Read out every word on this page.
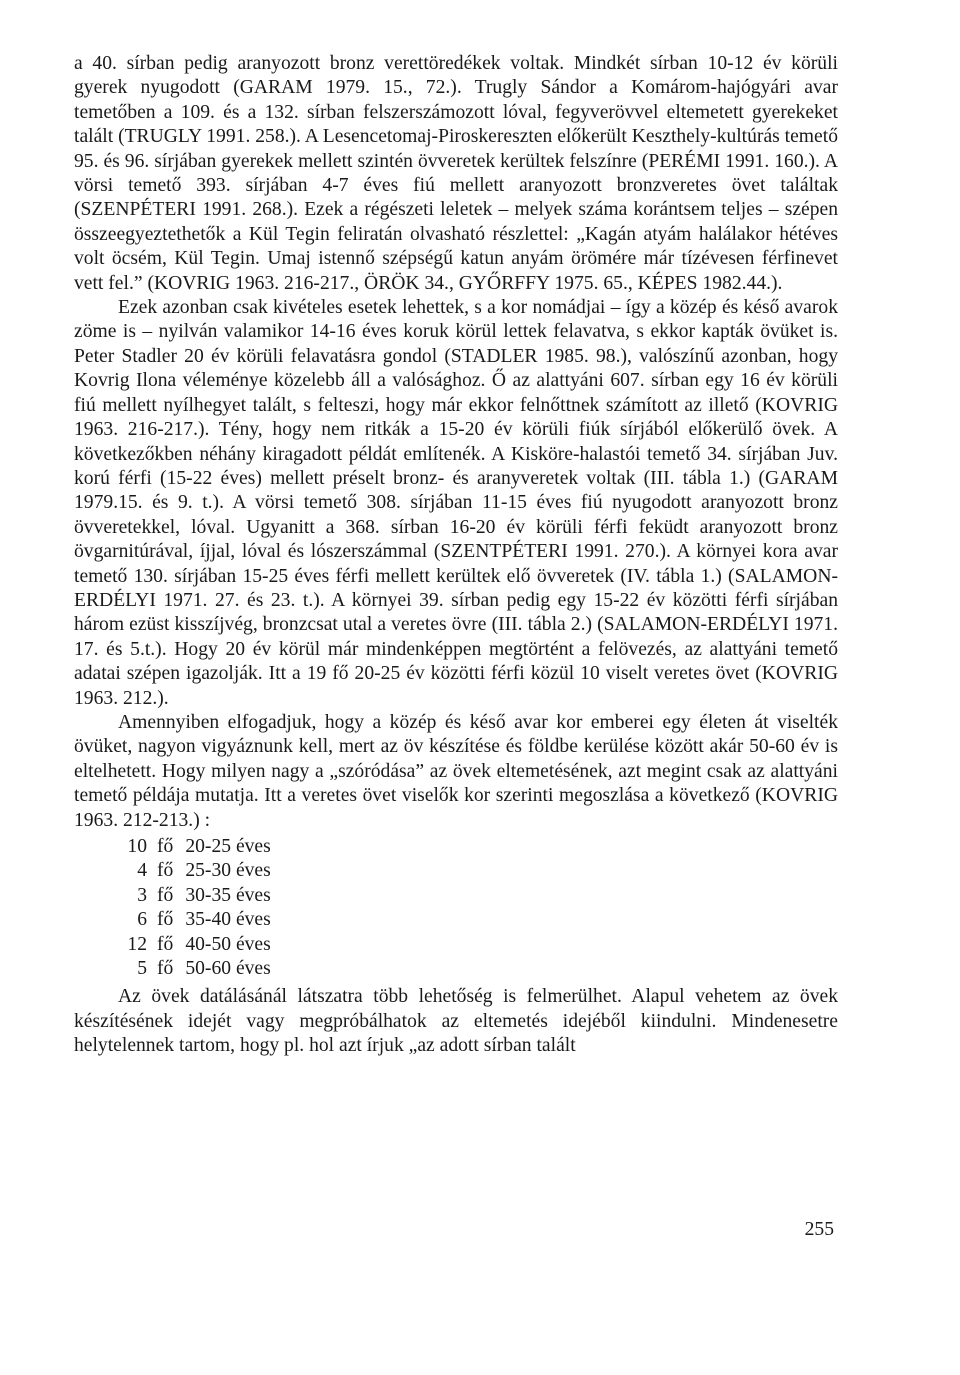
a 40. sírban pedig aranyozott bronz verettöredékek voltak. Mindkét sírban 10-12 év körüli gyerek nyugodott (GARAM 1979. 15., 72.). Trugly Sándor a Komárom-hajógyári avar temetőben a 109. és a 132. sírban felszerszámozott lóval, fegyverövvel eltemetett gyerekeket talált (TRUGLY 1991. 258.). A Lesencetomaj-Piroskereszten előkerült Keszthely-kultúrás temető 95. és 96. sírjában gyerekek mellett szintén övveretek kerültek felszínre (PERÉMI 1991. 160.). A vörsi temető 393. sírjában 4-7 éves fiú mellett aranyozott bronzveretes övet találtak (SZENPÉTERI 1991. 268.). Ezek a régészeti leletek – melyek száma korántsem teljes – szépen összeegyeztethetők a Kül Tegin feliratán olvasható részlettel: „Kagán atyám halálakor hétéves volt öcsém, Kül Tegin. Umaj istennő szépségű katun anyám örömére már tízévesen férfinevet vett fel.” (KOVRIG 1963. 216-217., ÖRÖK 34., GYŐRFFY 1975. 65., KÉPES 1982.44.).

Ezek azonban csak kivételes esetek lehettek, s a kor nomádjai – így a közép és késő avarok zöme is – nyilván valamikor 14-16 éves koruk körül lettek felavatva, s ekkor kapták övüket is. Peter Stadler 20 év körüli felavatásra gondol (STADLER 1985. 98.), valószínű azonban, hogy Kovrig Ilona véleménye közelebb áll a valósághoz. Ő az alattyáni 607. sírban egy 16 év körüli fiú mellett nyílhegyet talált, s felteszi, hogy már ekkor felnőttnek számított az illető (KOVRIG 1963. 216-217.). Tény, hogy nem ritkák a 15-20 év körüli fiúk sírjából előkerülő övek. A következőkben néhány kiragadott példát említenék. A Kisköre-halastói temető 34. sírjában Juv. korú férfi (15-22 éves) mellett préselt bronz- és aranyveretek voltak (III. tábla 1.) (GARAM 1979.15. és 9. t.). A vörsi temető 308. sírjában 11-15 éves fiú nyugodott aranyozott bronz övveretekkel, lóval. Ugyanitt a 368. sírban 16-20 év körüli férfi feküdt aranyozott bronz övgarnitúrával, íjjal, lóval és lószerszámmal (SZENTPÉTERI 1991. 270.). A környei kora avar temető 130. sírjában 15-25 éves férfi mellett kerültek elő övveretek (IV. tábla 1.) (SALAMON-ERDÉLYI 1971. 27. és 23. t.). A környei 39. sírban pedig egy 15-22 év közötti férfi sírjában három ezüst kisszíjvég, bronzcsat utal a veretes övre (III. tábla 2.) (SALAMON-ERDÉLYI 1971. 17. és 5.t.). Hogy 20 év körül már mindenképpen megtörtént a felövezés, az alattyáni temető adatai szépen igazolják. Itt a 19 fő 20-25 év közötti férfi közül 10 viselt veretes övet (KOVRIG 1963. 212.).

Amennyiben elfogadjuk, hogy a közép és késő avar kor emberei egy életen át viselték övüket, nagyon vigyáznunk kell, mert az öv készítése és földbe kerülése között akár 50-60 év is eltelhetett. Hogy milyen nagy a „szóródása” az övek eltemetésének, azt megint csak az alattyáni temető példája mutatja. Itt a veretes övet viselők kor szerinti megoszlása a következő (KOVRIG 1963. 212-213.) :

10	fő	20-25 éves
4	fő	25-30 éves
3	fő	30-35 éves
6	fő	35-40 éves
12	fő	40-50 éves
5	fő	50-60 éves

Az övek datálásánál látszatra több lehetőség is felmerülhet. Alapul vehetem az övek készítésének idejét vagy megpróbálhatok az eltemetés idejéből kiindulni. Mindenesetre helytelennek tartom, hogy pl. hol azt írjuk „az adott sírban talált

255
